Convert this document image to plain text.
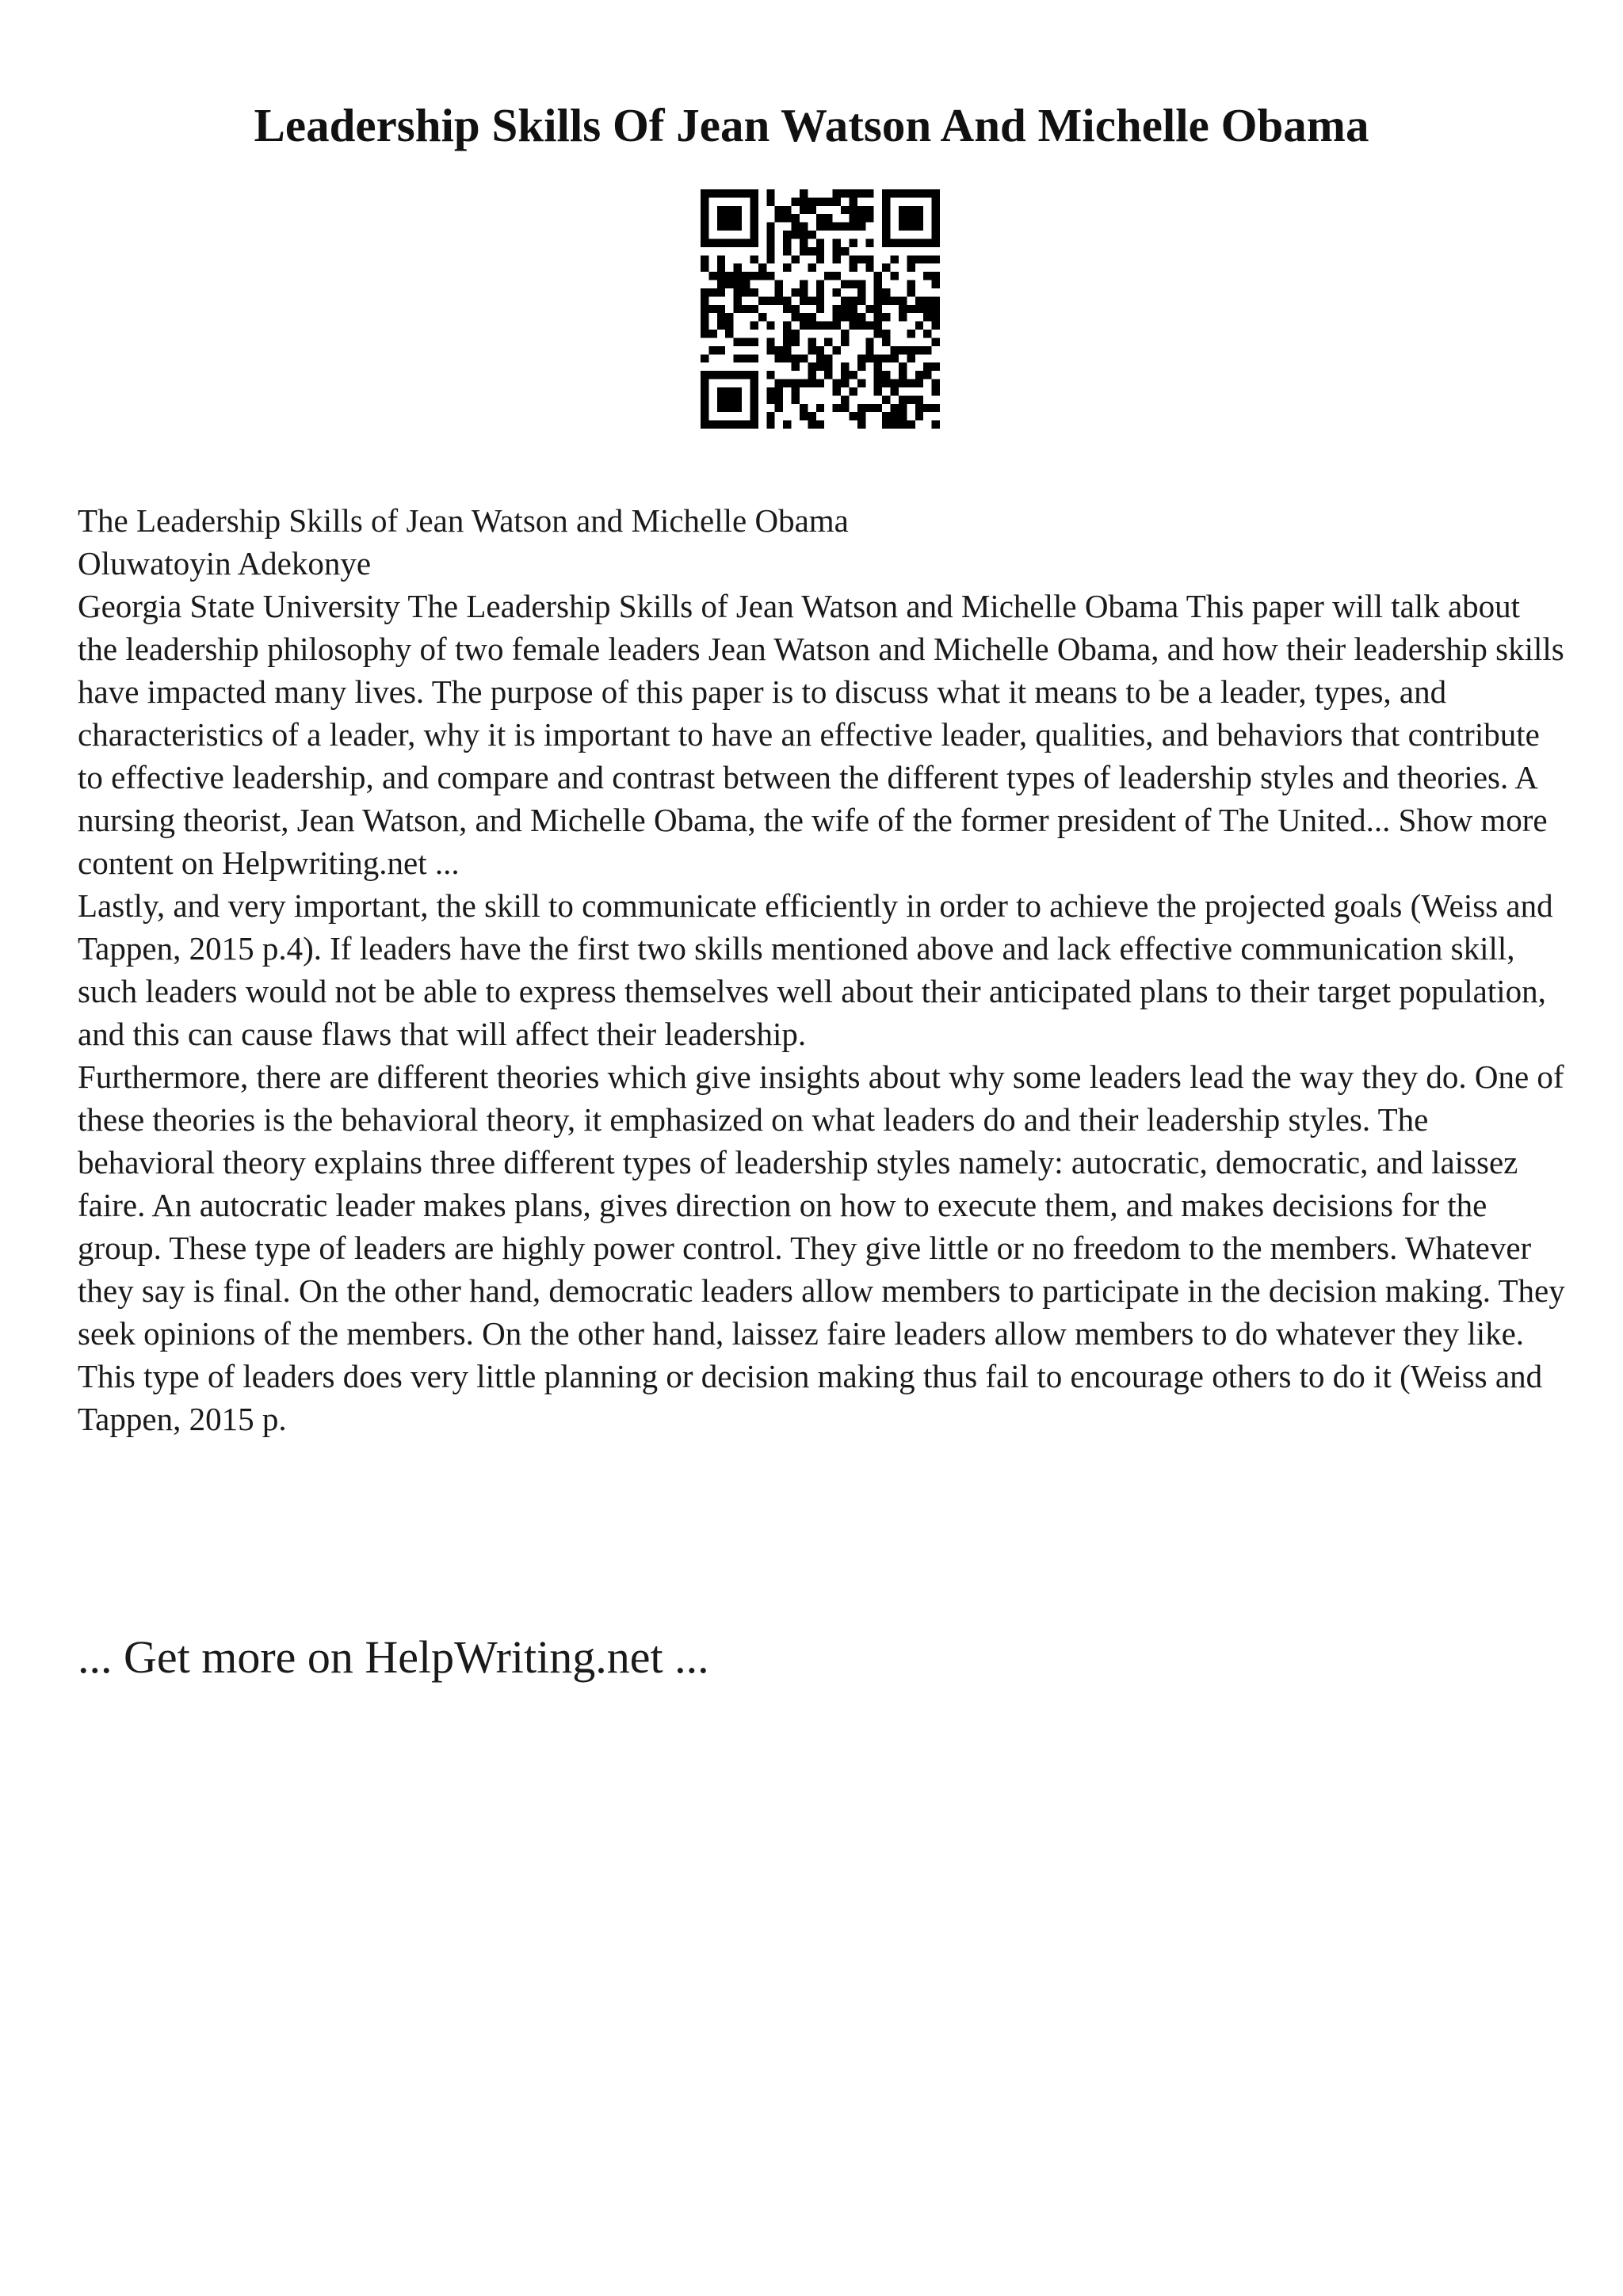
Leadership Skills Of Jean Watson And Michelle Obama

The Leadership Skills of Jean Watson and Michelle Obama

Oluwatoyin Adekonye

Georgia State University The Leadership Skills of Jean Watson and Michelle Obama This paper will talk about the leadership philosophy of two female leaders Jean Watson and Michelle Obama, and how their leadership skills have impacted many lives. The purpose of this paper is to discuss what it means to be a leader, types, and characteristics of a leader, why it is important to have an effective leader, qualities, and behaviors that contribute to effective leadership, and compare and contrast between the different types of leadership styles and theories. A nursing theorist, Jean Watson, and Michelle Obama, the wife of the former president of The United... Show more content on Helpwriting.net ...

Lastly, and very important, the skill to communicate efficiently in order to achieve the projected goals (Weiss and Tappen, 2015 p.4). If leaders have the first two skills mentioned above and lack effective communication skill, such leaders would not be able to express themselves well about their anticipated plans to their target population, and this can cause flaws that will affect their leadership.

Furthermore, there are different theories which give insights about why some leaders lead the way they do. One of these theories is the behavioral theory, it emphasized on what leaders do and their leadership styles. The behavioral theory explains three different types of leadership styles namely: autocratic, democratic, and laissez faire. An autocratic leader makes plans, gives direction on how to execute them, and makes decisions for the group. These type of leaders are highly power control. They give little or no freedom to the members. Whatever they say is final. On the other hand, democratic leaders allow members to participate in the decision making. They seek opinions of the members. On the other hand, laissez faire leaders allow members to do whatever they like. This type of leaders does very little planning or decision making thus fail to encourage others to do it (Weiss and Tappen, 2015 p.

... Get more on HelpWriting.net ...
